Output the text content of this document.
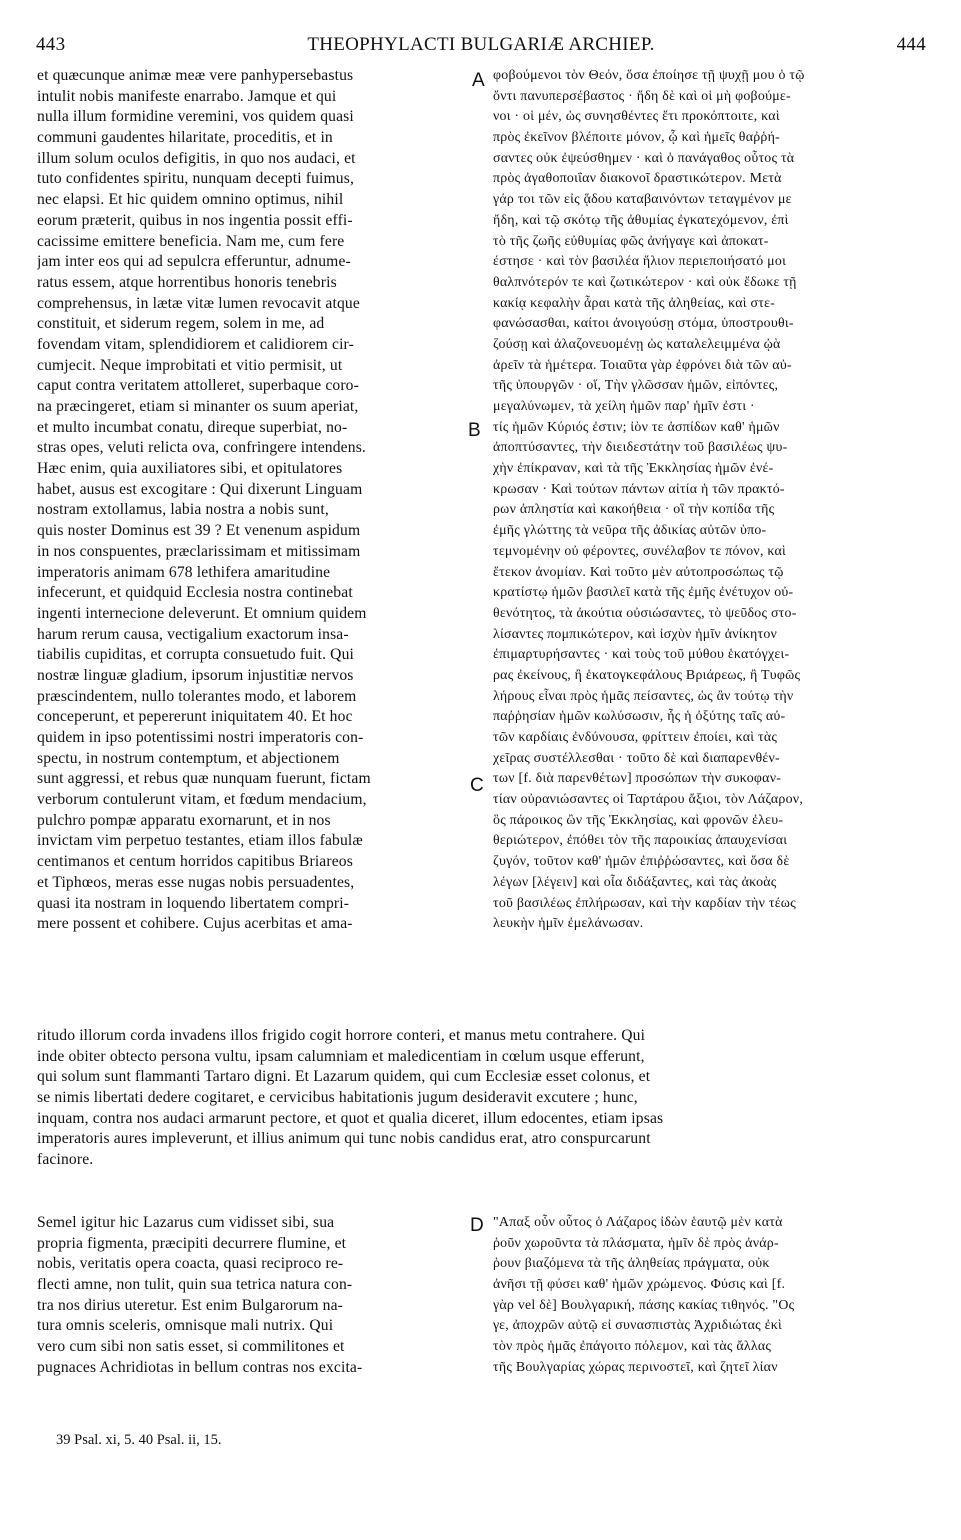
443	THEOPHYLACTI BULGARIÆ ARCHIEP.	444
A
B
C
D
et quæcunque animæ meæ vere panhypersebastus
intulit nobis manifeste enarrabo. Jamque et qui
nulla illum formidine veremini, vos quidem quasi
communi gaudentes hilaritate, proceditis, et in
illum solum oculos defigitis, in quo nos audaci, et
tuto confidentes spiritu, nunquam decepti fuimus,
nec elapsi. Et hic quidem omnino optimus, nihil
eorum præterit, quibus in nos ingentia possit effi-
cacissime emittere beneficia. Nam me, cum fere
jam inter eos qui ad sepulcra efferuntur, adnume-
ratus essem, atque horrentibus honoris tenebris
comprehensus, in lætæ vitæ lumen revocavit atque
constituit, et siderum regem, solem in me, ad
fovendam vitam, splendidiorem et calidiorem cir-
cumjecit. Neque improbitati et vitio permisit, ut
caput contra veritatem attolleret, superbaque coro-
na præcingeret, etiam si minanter os suum aperiat,
et multo incumbat conatu, direque superbiat, no-
stras opes, veluti relicta ova, confringere intendens.
Hæc enim, quia auxiliatores sibi, et opitulatores
habet, ausus est excogitare : Qui dixerunt Linguam
nostram extollamus, labia nostra a nobis sunt,
quis noster Dominus est 39 ? Et venenum aspidum
in nos conspuentes, præclarissimam et mitissimam
imperatoris animam 678 lethifera amaritudine
infecerunt, et quidquid Ecclesia nostra continebat
ingenti internecione deleverunt. Et omnium quidem
harum rerum causa, vectigalium exactorum insa-
tiabilis cupiditas, et corrupta consuetudo fuit. Qui
nostræ linguæ gladium, ipsorum injustitiæ nervos
præscindentem, nullo tolerantes modo, et laborem
conceperunt, et pepererunt iniquitatem 40. Et hoc
quidem in ipso potentissimi nostri imperatoris con-
spectu, in nostrum contemptum, et abjectionem
sunt aggressi, et rebus quæ nunquam fuerunt, fictam
verborum contulerunt vitam, et fœdum mendacium,
pulchro pompæ apparatu exornarunt, et in nos
invictam vim perpetuo testantes, etiam illos fabulæ
centimanos et centum horridos capitibus Briareos
et Tiphœos, meras esse nugas nobis persuadentes,
quasi ita nostram in loquendo libertatem compri-
mere possent et cohibere. Cujus acerbitas et ama-
φοβούμενοι τὸν Θεόν, ὅσα ἐποίησε τῇ ψυχῇ μου ὁ τῷ
ὄντι πανυπερσέβαστος · ἤδη δὲ καὶ οἱ μὴ φοβούμε-
νοι · οἱ μέν, ὡς συνησθέντες ἔτι προκόπτοιτε, καὶ
πρὸς ἐκεῖνον βλέποιτε μόνον, ᾧ καὶ ἡμεῖς θαῤῥή-
σαντες οὐκ ἐψεύσθημεν · καὶ ὁ πανάγαθος οὗτος τὰ
πρὸς ἀγαθοποιΐαν διακονοῖ δραστικώτερον. Μετὰ
γάρ τοι τῶν εἰς ᾅδου καταβαινόντων τεταγμένον με
ἤδη, καὶ τῷ σκότῳ τῆς ἀθυμίας ἐγκατεχόμενον, ἐπὶ
τὸ τῆς ζωῆς εὐθυμίας φῶς ἀνήγαγε καὶ ἀποκατ-
έστησε · καὶ τὸν βασιλέα ἥλιον περιεποιήσατό μοι
θαλπνότερόν τε καὶ ζωτικώτερον · καὶ οὐκ ἔδωκε τῇ
κακίᾳ κεφαλὴν ἆραι κατὰ τῆς ἀληθείας, καὶ στε-
φανώσασθαι, καίτοι ἀνοιγούσῃ στόμα, ὑποστρουθι-
ζούσῃ καὶ ἀλαζονευομένῃ ὡς καταλελειμμένα ᾠὰ
ἀρεῖν τὰ ἡμέτερα. Τοιαῦτα γὰρ ἐφρόνει διὰ τῶν αὐ-
τῆς ὑπουργῶν · οἵ, Τὴν γλῶσσαν ἡμῶν, εἰπόντες,
μεγαλύνωμεν, τὰ χείλη ἡμῶν παρ' ἡμῖν ἐστι ·
τίς ἡμῶν Κύριός ἐστιν; ἰὸν τε ἀσπίδων καθ' ἡμῶν
ἀποπτύσαντες, τὴν διειδεστάτην τοῦ βασιλέως ψυ-
χὴν ἐπίκραναν, καὶ τὰ τῆς Ἐκκλησίας ἡμῶν ἐνέ-
κρωσαν · Καὶ τούτων πάντων αἰτία ἡ τῶν πρακτό-
ρων ἀπληστία καὶ κακοήθεια · οἳ τὴν κοπίδα τῆς
ἐμῆς γλώττης τὰ νεῦρα τῆς ἀδικίας αὐτῶν ὑπο-
τεμνομένην οὐ φέροντες, συνέλαβον τε πόνον, καὶ
ἔτεκον ἀνομίαν. Καὶ τοῦτο μὲν αὐτοπροσώπως τῷ
κρατίστῳ ἡμῶν βασιλεῖ κατὰ τῆς ἐμῆς ἐνέτυχον οὐ-
θενότητος, τὰ ἀκούτια οὐσιώσαντες, τὸ ψεῦδος στο-
λίσαντες πομπικώτερον, καὶ ἰσχὺν ἡμῖν ἀνίκητον
ἐπιμαρτυρήσαντες · καὶ τοὺς τοῦ μύθου ἑκατόγχει-
ρας ἐκείνους, ἢ ἑκατογκεφάλους Βριάρεως, ἢ Τυφῶς
λήρους εἶναι πρὸς ἡμᾶς πείσαντες, ὡς ἂν τούτῳ τὴν
παῤῥησίαν ἡμῶν κωλύσωσιν, ἧς ἡ ὀξύτης ταῖς αὐ-
τῶν καρδίαις ἐνδύνουσα, φρίττειν ἐποίει, καὶ τὰς
χεῖρας συστέλλεσθαι · τοῦτο δὲ καὶ διαπαρενθέν-
των [f. διὰ παρενθέτων] προσώπων τὴν συκοφαν-
τίαν οὐρανιώσαντες οἱ Ταρτάρου ἄξιοι, τὸν Λάζαρον,
ὃς πάροικος ὢν τῆς Ἐκκλησίας, καὶ φρονῶν ἐλευ-
θεριώτερον, ἐπόθει τὸν τῆς παροικίας ἀπαυχενίσαι
ζυγόν, τοῦτον καθ' ἡμῶν ἐπιῤῥώσαντες, καὶ ὅσα δὲ
λέγων [λέγειν] καὶ οἷα διδάξαντες, καὶ τὰς ἀκοὰς
τοῦ βασιλέως ἐπλήρωσαν, καὶ τὴν καρδίαν τὴν τέως
λευκὴν ἡμῖν ἐμελάνωσαν.
ritudo illorum corda invadens illos frigido cogit horrore conteri, et manus metu contrahere. Qui
inde obiter obtecto persona vultu, ipsam calumniam et maledicentiam in cœlum usque efferunt,
qui solum sunt flammanti Tartaro digni. Et Lazarum quidem, qui cum Ecclesiæ esset colonus, et
se nimis libertati dedere cogitaret, e cervicibus habitationis jugum desideravit excutere ; hunc,
inquam, contra nos audaci armarunt pectore, et quot et qualia diceret, illum edocentes, etiam ipsas
imperatoris aures impleverunt, et illius animum qui tunc nobis candidus erat, atro conspurcarunt
facinore.
Semel igitur hic Lazarus cum vidisset sibi, sua
propria figmenta, præcipiti decurrere flumine, et
nobis, veritatis opera coacta, quasi reciproco re-
flecti amne, non tulit, quin sua tetrica natura con-
tra nos dirius uteretur. Est enim Bulgarorum na-
tura omnis sceleris, omnisque mali nutrix. Qui
vero cum sibi non satis esset, si commilitones et
pugnaces Achridiotas in bellum contras nos excita-
"Απαξ οὖν οὗτος ὁ Λάζαρος ἰδὼν ἑαυτῷ μὲν κατὰ
ῥοῦν χωροῦντα τὰ πλάσματα, ἡμῖν δὲ πρὸς ἀνάρ-
ῥουν βιαζόμενα τὰ τῆς ἀληθείας πράγματα, οὐκ
ἀνῆσι τῇ φύσει καθ' ἡμῶν χρώμενος. Φύσις καὶ [f.
γὰρ vel δὲ] Βουλγαρική, πάσης κακίας τιθηνός. "Ος
γε, ἀποχρῶν αὐτῷ εἰ συνασπιστὰς Ἀχριδιώτας ἐκὶ
τὸν πρὸς ἡμᾶς ἐπάγοιτο πόλεμον, καὶ τὰς ἄλλας
τῆς Βουλγαρίας χώρας περινοστεῖ, καὶ ζητεῖ λίαν
39 Psal. xi, 5. 40 Psal. ii, 15.
